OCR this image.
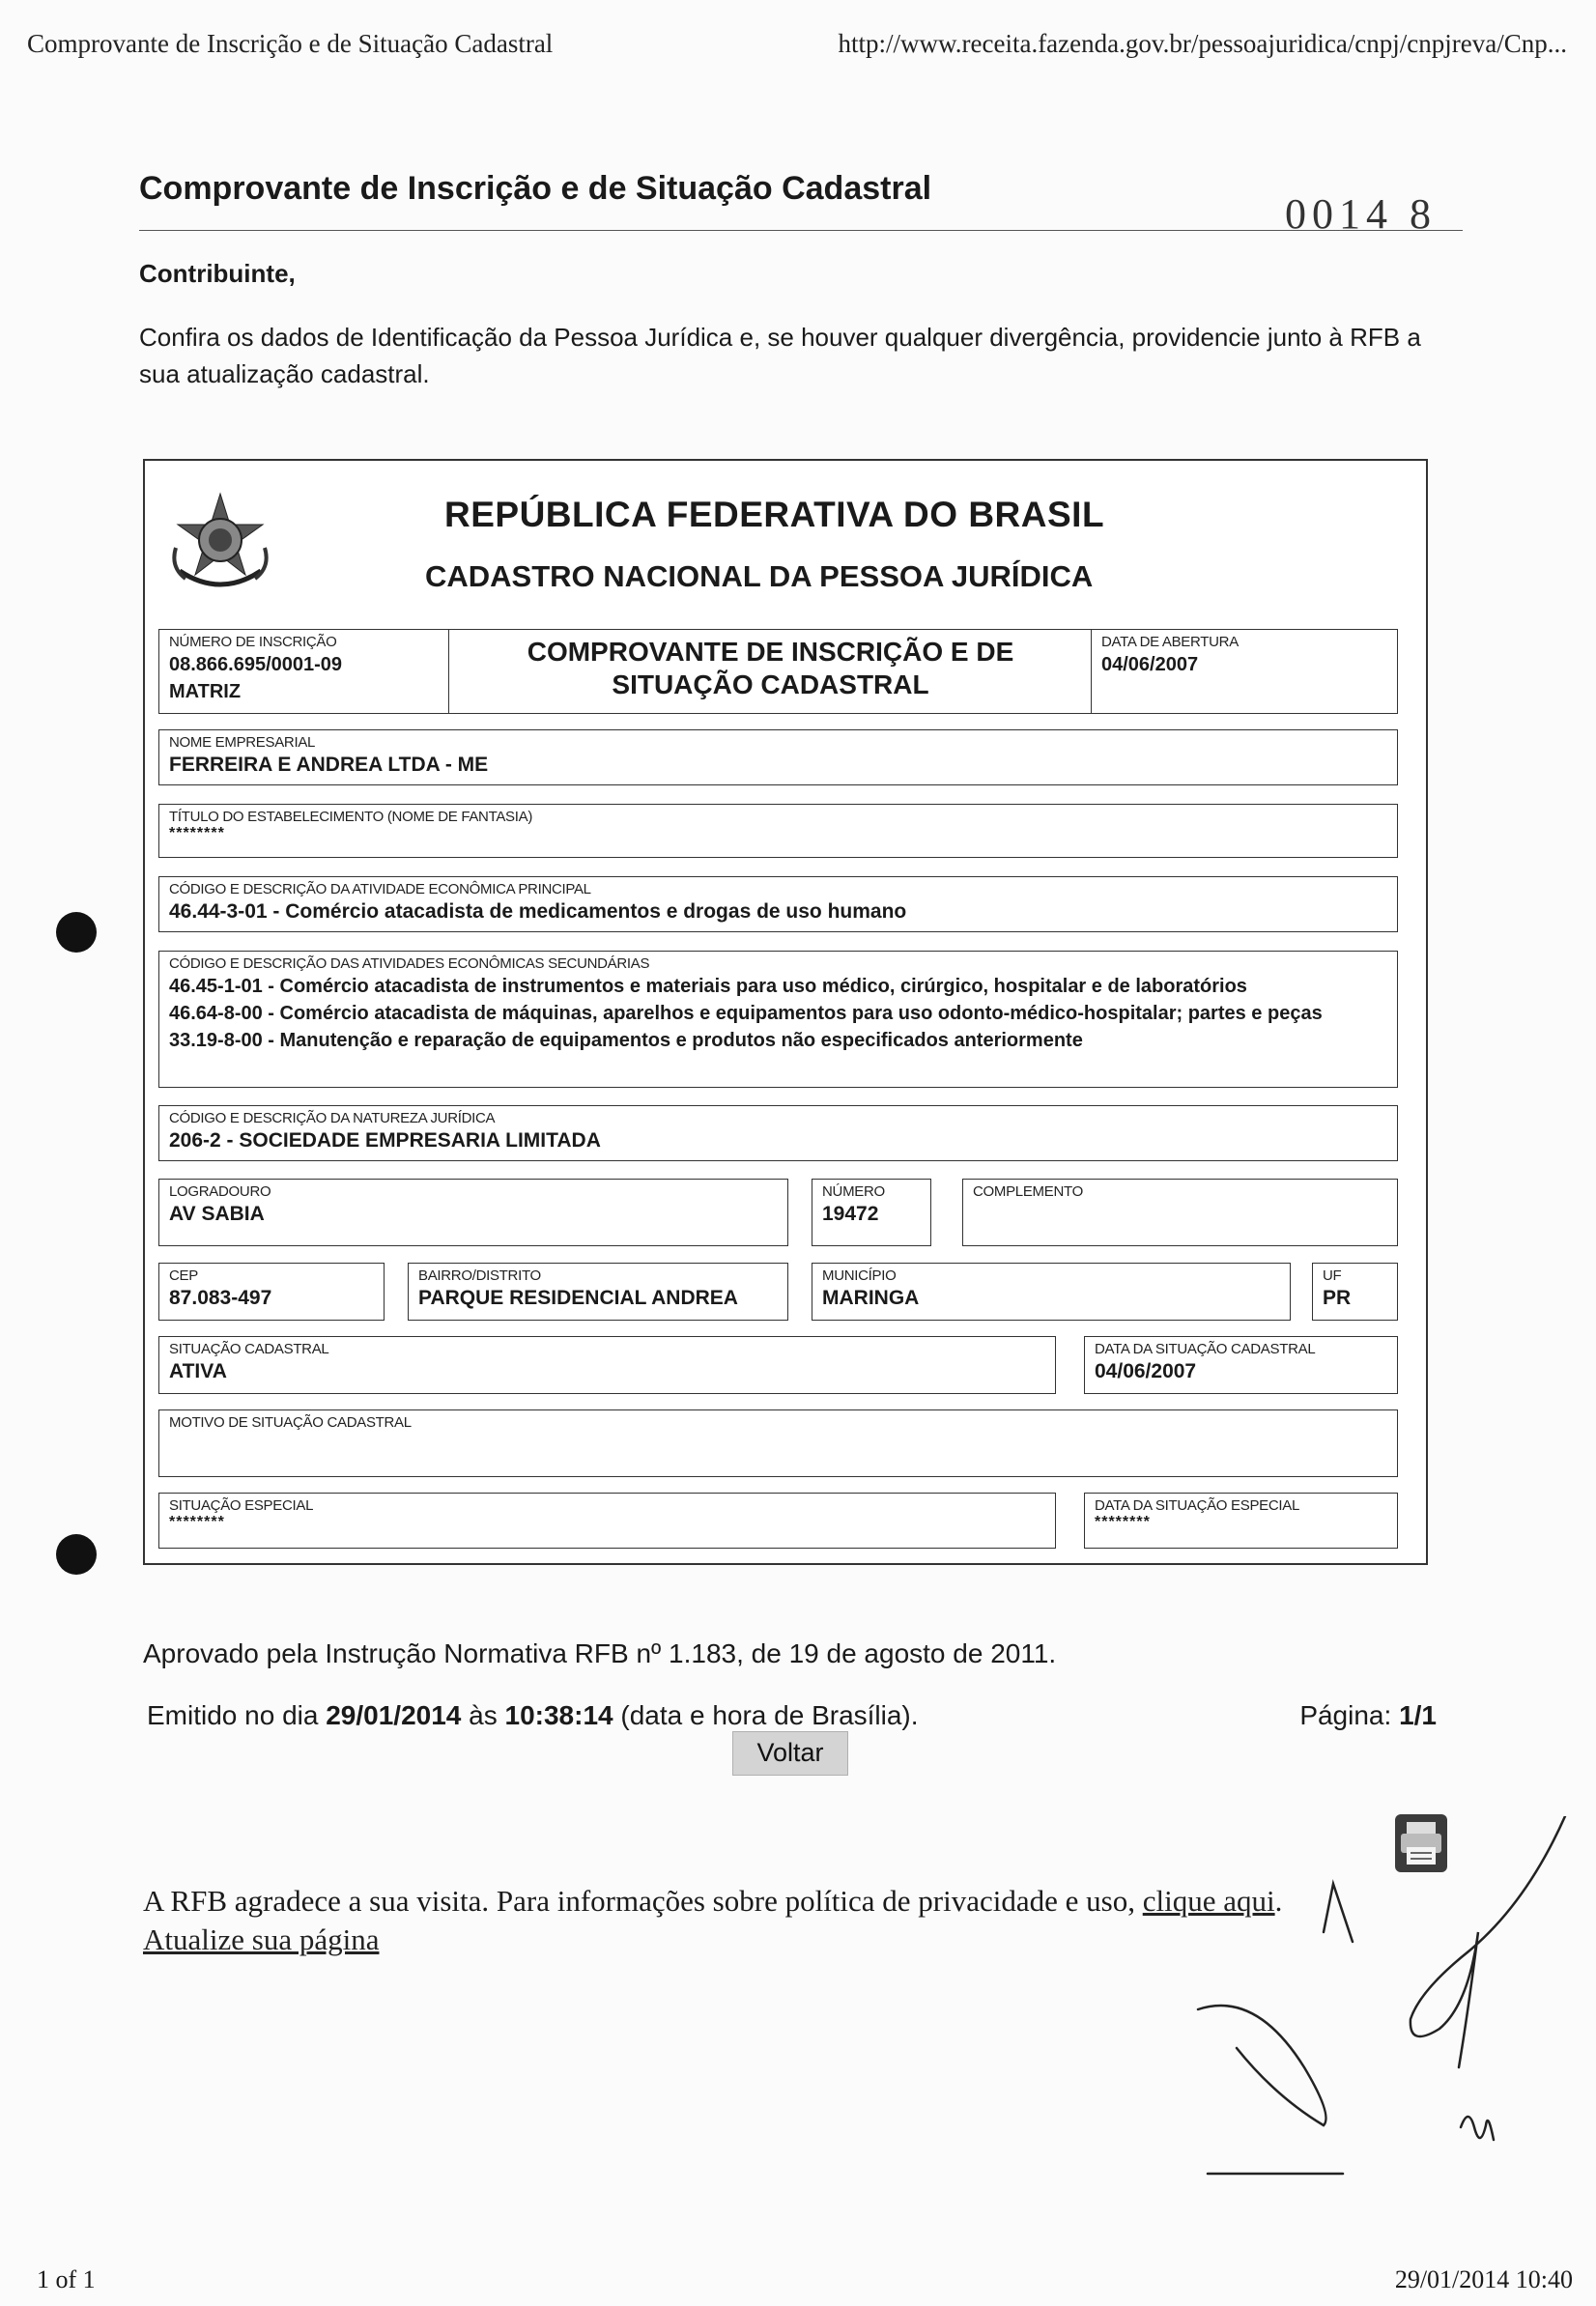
Comprovante de Inscrição e de Situação Cadastral	http://www.receita.fazenda.gov.br/pessoajuridica/cnpj/cnpjreva/Cnp...
Comprovante de Inscrição e de Situação Cadastral
0014 8
Contribuinte,
Confira os dados de Identificação da Pessoa Jurídica e, se houver qualquer divergência, providencie junto à RFB a sua atualização cadastral.
REPÚBLICA FEDERATIVA DO BRASIL
CADASTRO NACIONAL DA PESSOA JURÍDICA
NÚMERO DE INSCRIÇÃO
08.866.695/0001-09
MATRIZ
COMPROVANTE DE INSCRIÇÃO E DE SITUAÇÃO CADASTRAL
DATA DE ABERTURA
04/06/2007
NOME EMPRESARIAL
FERREIRA E ANDREA LTDA - ME
TÍTULO DO ESTABELECIMENTO (NOME DE FANTASIA)
********
CÓDIGO E DESCRIÇÃO DA ATIVIDADE ECONÔMICA PRINCIPAL
46.44-3-01 - Comércio atacadista de medicamentos e drogas de uso humano
CÓDIGO E DESCRIÇÃO DAS ATIVIDADES ECONÔMICAS SECUNDÁRIAS
46.45-1-01 - Comércio atacadista de instrumentos e materiais para uso médico, cirúrgico, hospitalar e de laboratórios
46.64-8-00 - Comércio atacadista de máquinas, aparelhos e equipamentos para uso odonto-médico-hospitalar; partes e peças
33.19-8-00 - Manutenção e reparação de equipamentos e produtos não especificados anteriormente
CÓDIGO E DESCRIÇÃO DA NATUREZA JURÍDICA
206-2 - SOCIEDADE EMPRESARIA LIMITADA
LOGRADOURO
AV SABIA
NÚMERO
19472
COMPLEMENTO
CEP
87.083-497
BAIRRO/DISTRITO
PARQUE RESIDENCIAL ANDREA
MUNICÍPIO
MARINGA
UF
PR
SITUAÇÃO CADASTRAL
ATIVA
DATA DA SITUAÇÃO CADASTRAL
04/06/2007
MOTIVO DE SITUAÇÃO CADASTRAL
SITUAÇÃO ESPECIAL
********
DATA DA SITUAÇÃO ESPECIAL
********
Aprovado pela Instrução Normativa RFB nº 1.183, de 19 de agosto de 2011.
Emitido no dia 29/01/2014 às 10:38:14 (data e hora de Brasília).	Página: 1/1
Voltar
A RFB agradece a sua visita. Para informações sobre política de privacidade e uso, clique aqui.
Atualize sua página
1 of 1	29/01/2014 10:40
